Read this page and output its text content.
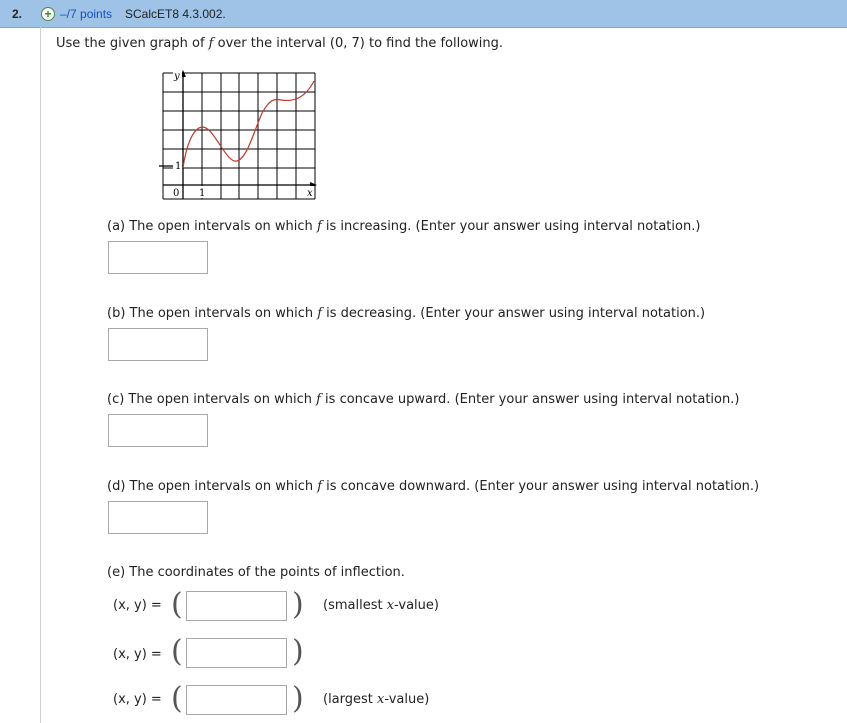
2. + –/7 points SCalcET8 4.3.002.
Use the given graph of f over the interval (0, 7) to find the following.
y
1
0 1	x
(a) The open intervals on which f is increasing. (Enter your answer using interval notation.)
(b) The open intervals on which f is decreasing. (Enter your answer using interval notation.)
(c) The open intervals on which f is concave upward. (Enter your answer using interval notation.)
(d) The open intervals on which f is concave downward. (Enter your answer using interval notation.)
(e) The coordinates of the points of inflection.
(x, y) = (	) (smallest x-value)
(x, y) = (	)
(x, y) = (	) (largest x-value)
